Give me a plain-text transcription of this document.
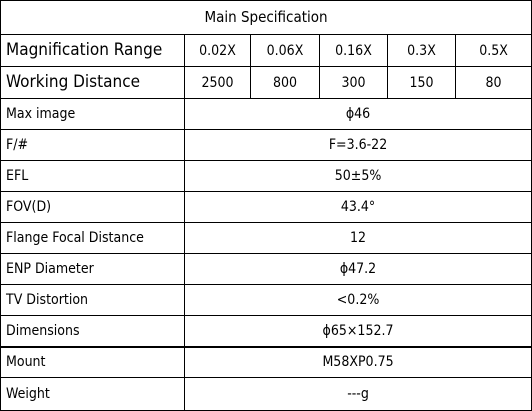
Main Specification					
Magnification Range	0.02X	0.06X	0.16X	0.3X	0.5X
Working Distance	2500	800	300	150	80
Max image	ϕ46				
F/#	F=3.6-22				
EFL	50±5%				
FOV(D)	43.4°				
Flange Focal Distance	12				
ENP Diameter	ϕ47.2				
TV Distortion	<0.2%				
Dimensions	ϕ65×152.7				
Mount	M58XP0.75				
Weight	---g				
